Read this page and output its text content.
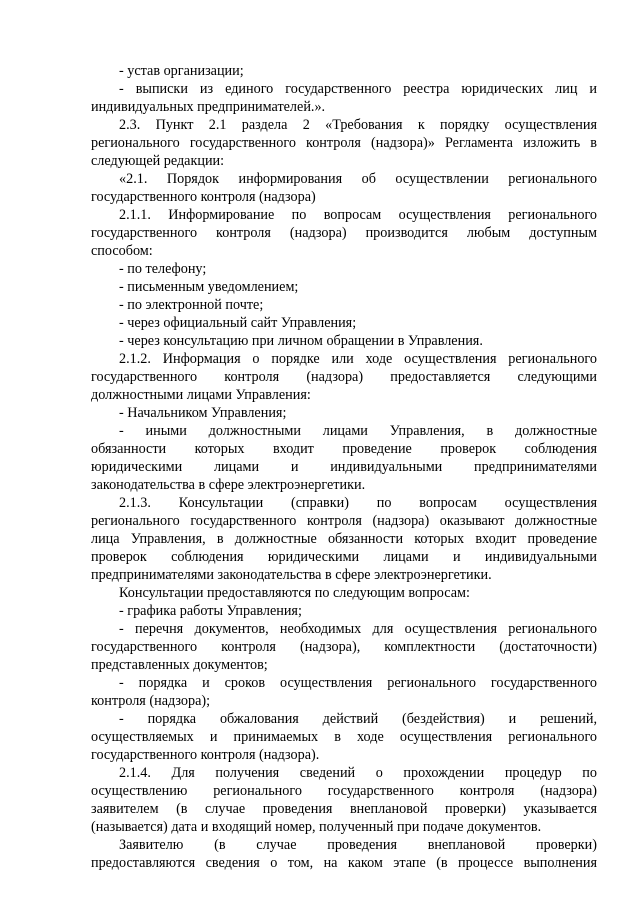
- устав организации;
- выписки из единого государственного реестра юридических лиц и
индивидуальных предпринимателей.».
2.3. Пункт 2.1 раздела 2 «Требования к порядку осуществления
регионального государственного контроля (надзора)» Регламента изложить в
следующей редакции:
«2.1. Порядок информирования об осуществлении регионального
государственного контроля (надзора)
2.1.1. Информирование по вопросам осуществления регионального
государственного контроля (надзора) производится любым доступным
способом:
- по телефону;
- письменным уведомлением;
- по электронной почте;
- через официальный сайт Управления;
- через консультацию при личном обращении в Управления.
2.1.2. Информация о порядке или ходе осуществления регионального
государственного контроля (надзора) предоставляется следующими
должностными лицами Управления:
- Начальником Управления;
- иными должностными лицами Управления, в должностные
обязанности которых входит проведение проверок соблюдения
юридическими лицами и индивидуальными предпринимателями
законодательства в сфере электроэнергетики.
2.1.3. Консультации (справки) по вопросам осуществления
регионального государственного контроля (надзора) оказывают должностные
лица Управления, в должностные обязанности которых входит проведение
проверок соблюдения юридическими лицами и индивидуальными
предпринимателями законодательства в сфере электроэнергетики.
Консультации предоставляются по следующим вопросам:
- графика работы Управления;
- перечня документов, необходимых для осуществления регионального
государственного контроля (надзора), комплектности (достаточности)
представленных документов;
- порядка и сроков осуществления регионального государственного
контроля (надзора);
- порядка обжалования действий (бездействия) и решений,
осуществляемых и принимаемых в ходе осуществления регионального
государственного контроля (надзора).
2.1.4. Для получения сведений о прохождении процедур по
осуществлению регионального государственного контроля (надзора)
заявителем (в случае проведения внеплановой проверки) указывается
(называется) дата и входящий номер, полученный при подаче документов.
Заявителю (в случае проведения внеплановой проверки)
предоставляются сведения о том, на каком этапе (в процессе выполнения
